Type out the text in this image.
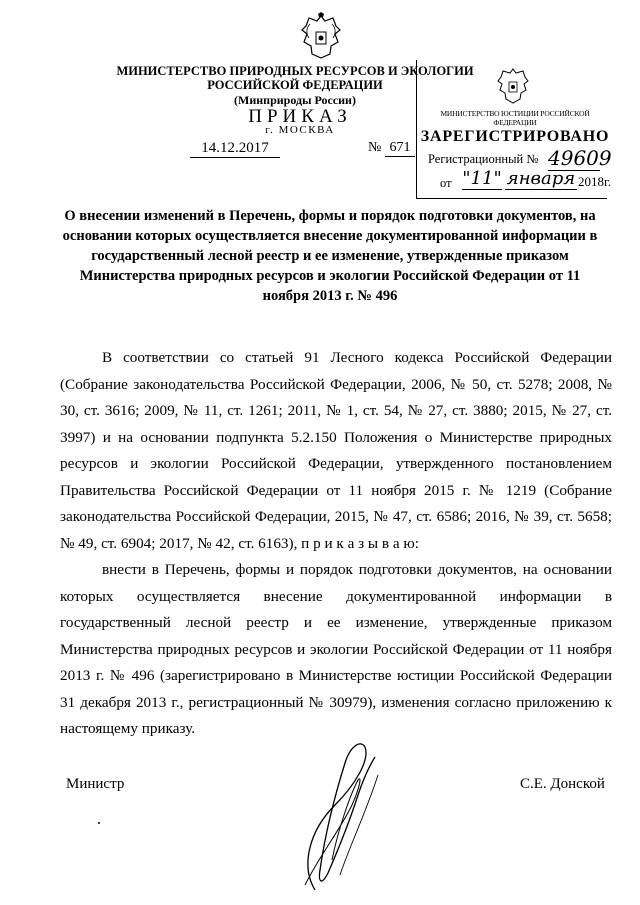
МИНИСТЕРСТВО ПРИРОДНЫХ РЕСУРСОВ И ЭКОЛОГИИ
РОССИЙСКОЙ ФЕДЕРАЦИИ
(Минприроды России)
ПРИКАЗ
г. МОСКВА
14.12.2017	№ 671
МИНИСТЕРСТВО ЮСТИЦИИ РОССИЙСКОЙ ФЕДЕРАЦИИ
ЗАРЕГИСТРИРОВАНО
Регистрационный № 49609
от "11" января 2018г.
О внесении изменений в Перечень, формы и порядок подготовки документов, на основании которых осуществляется внесение документированной информации в государственный лесной реестр и ее изменение, утвержденные приказом Министерства природных ресурсов и экологии Российской Федерации от 11 ноября 2013 г. № 496
В соответствии со статьей 91 Лесного кодекса Российской Федерации (Собрание законодательства Российской Федерации, 2006, № 50, ст. 5278; 2008, № 30, ст. 3616; 2009, № 11, ст. 1261; 2011, № 1, ст. 54, № 27, ст. 3880; 2015, № 27, ст. 3997) и на основании подпункта 5.2.150 Положения о Министерстве природных ресурсов и экологии Российской Федерации, утвержденного постановлением Правительства Российской Федерации от 11 ноября 2015 г. № 1219 (Собрание законодательства Российской Федерации, 2015, № 47, ст. 6586; 2016, № 39, ст. 5658; № 49, ст. 6904; 2017, № 42, ст. 6163), п р и к а з ы в а ю:
внести в Перечень, формы и порядок подготовки документов, на основании которых осуществляется внесение документированной информации в государственный лесной реестр и ее изменение, утвержденные приказом Министерства природных ресурсов и экологии Российской Федерации от 11 ноября 2013 г. № 496 (зарегистрировано в Министерстве юстиции Российской Федерации 31 декабря 2013 г., регистрационный № 30979), изменения согласно приложению к настоящему приказу.
Министр	С.Е. Донской
